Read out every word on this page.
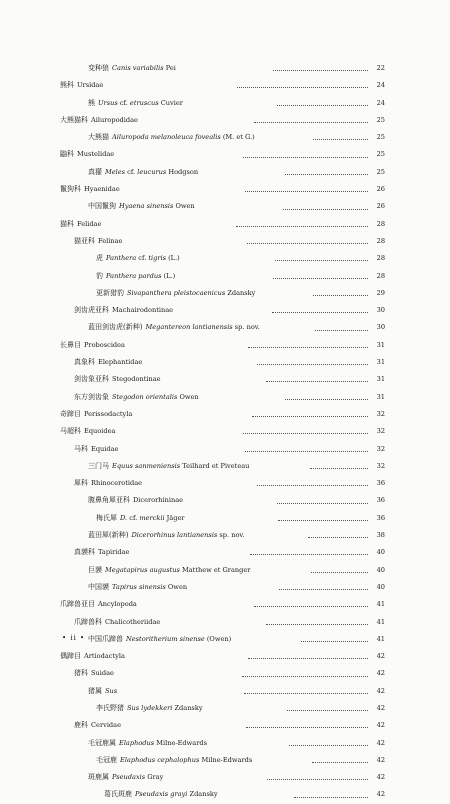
变种狼 Canis variabilis Pei	22
熊科 Ursidae	24
熊 Ursus cf. etruscus Cuvier	24
大熊猫科 Ailuropodidae	25
大熊猫 Ailuropoda melanoleuca fovealis (M. et G.)	25
鼬科 Mustelidae	25
真獾 Meles cf. leucurus Hodgson	25
鬣狗科 Hyaenidae	26
中国鬣狗 Hyaena sinensis Owen	26
猫科 Felidae	28
猫亚科 Felinae	28
虎 Panthera cf. tigris (L.)	28
豹 Panthera pardus (L.)	28
更新猎豹 Sivapanthera pleistocaenicus Zdansky	29
剑齿虎亚科 Machairodontinae	30
蓝田剑齿虎(新种) Megantereon lantianensis sp. nov.	30
长鼻目 Proboscidea	31
真象科 Elephantidae	31
剑齿象亚科 Stegodontinae	31
东方剑齿象 Stegodon orientalis Owen	31
奇蹄目 Perissodactyla	32
马超科 Equoidea	32
马科 Equidae	32
三门马 Equus sanmeniensis Teilhard et Piveteau	32
犀科 Rhinocerotidae	36
腹鼻角犀亚科 Dicerorhininae	36
梅氏犀 D. cf. merckii Jäger	36
蓝田犀(新种) Dicerorhinus lantianensis sp. nov.	38
真貘科 Tapiridae	40
巨貘 Megatapirus augustus Matthew et Granger	40
中国貘 Tapirus sinensis Owen	40
爪蹄兽亚目 Ancylopoda	41
爪蹄兽科 Chalicotheriidae	41
中国爪蹄兽 Nestoritherium sinense (Owen)	41
偶蹄目 Artiodactyla	42
猪科 Suidae	42
猪属 Sus	42
李氏野猪 Sus lydekkeri Zdansky	42
鹿科 Cervidae	42
毛冠鹿属 Elaphodus Milne-Edwards	42
毛冠鹿 Elaphodus cephalophus Milne-Edwards	42
斑鹿属 Pseudaxis Gray	42
葛氏斑鹿 Pseudaxis grayi Zdansky	42
• ii •
